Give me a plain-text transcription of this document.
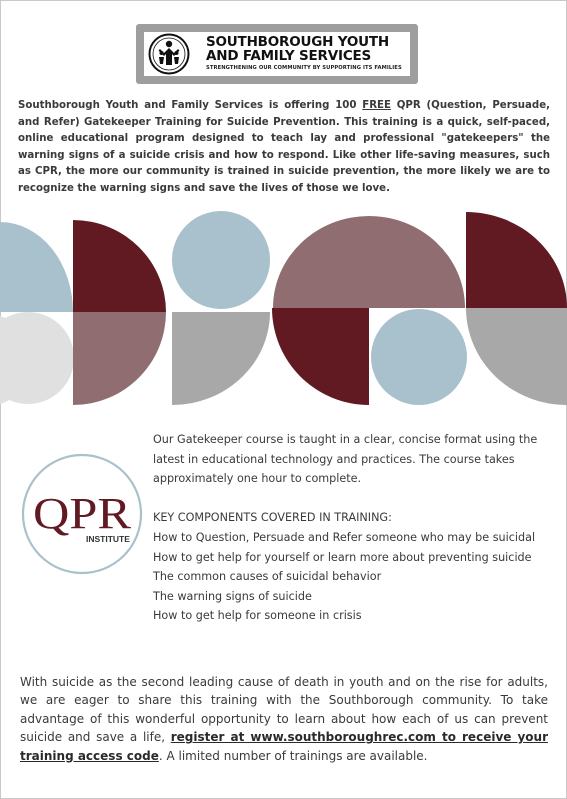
SOUTHBOROUGH YOUTH
AND FAMILY SERVICES
STRENGTHENING OUR COMMUNITY BY SUPPORTING ITS FAMILIES

Southborough Youth and Family Services is offering 100 FREE QPR (Question, Persuade, and Refer) Gatekeeper Training for Suicide Prevention. This training is a quick, self-paced, online educational program designed to teach lay and professional "gatekeepers" the warning signs of a suicide crisis and how to respond. Like other life-saving measures, such as CPR, the more our community is trained in suicide prevention, the more likely we are to recognize the warning signs and save the lives of those we love.

QPR
INSTITUTE

Our Gatekeeper course is taught in a clear, concise format using the latest in educational technology and practices. The course takes approximately one hour to complete.

KEY COMPONENTS COVERED IN TRAINING:

How to Question, Persuade and Refer someone who may be suicidal
How to get help for yourself or learn more about preventing suicide
The common causes of suicidal behavior
The warning signs of suicide
How to get help for someone in crisis

With suicide as the second leading cause of death in youth and on the rise for adults, we are eager to share this training with the Southborough community. To take advantage of this wonderful opportunity to learn about how each of us can prevent suicide and save a life, register at www.southboroughrec.com to receive your training access code. A limited number of trainings are available.
